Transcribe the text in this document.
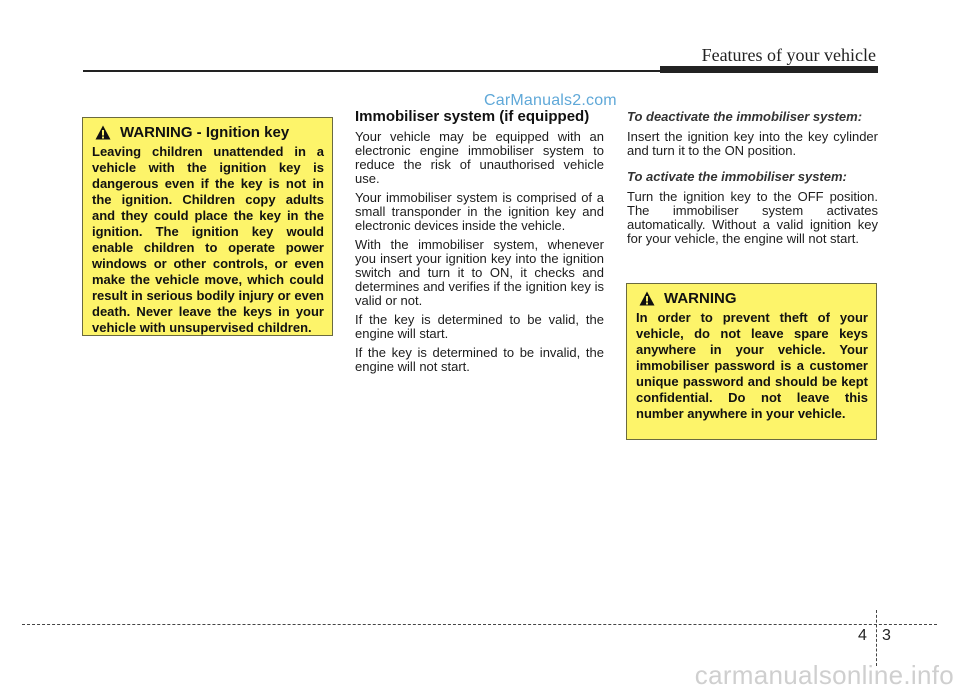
Features of your vehicle
CarManuals2.com
WARNING - Ignition key
Leaving children unattended in a vehicle with the ignition key is dangerous even if the key is not in the ignition. Children copy adults and they could place the key in the ignition. The ignition key would enable children to operate power windows or other controls, or even make the vehicle move, which could result in serious bodily injury or even death. Never leave the keys in your vehicle with unsupervised children.
Immobiliser system (if equipped)

Your vehicle may be equipped with an electronic engine immobiliser system to reduce the risk of unauthorised vehicle use.

Your immobiliser system is comprised of a small transponder in the ignition key and electronic devices inside the vehicle.

With the immobiliser system, whenever you insert your ignition key into the ignition switch and turn it to ON, it checks and determines and verifies if the ignition key is valid or not.

If the key is determined to be valid, the engine will start.

If the key is determined to be invalid, the engine will not start.

To deactivate the immobiliser system:

Insert the ignition key into the key cylinder and turn it to the ON position.

To activate the immobiliser system:

Turn the ignition key to the OFF position. The immobiliser system activates automatically. Without a valid ignition key for your vehicle, the engine will not start.

WARNING
In order to prevent theft of your vehicle, do not leave spare keys anywhere in your vehicle. Your immobiliser password is a customer unique password and should be kept confidential. Do not leave this number anywhere in your vehicle.
4 3
carmanualsonline.info
